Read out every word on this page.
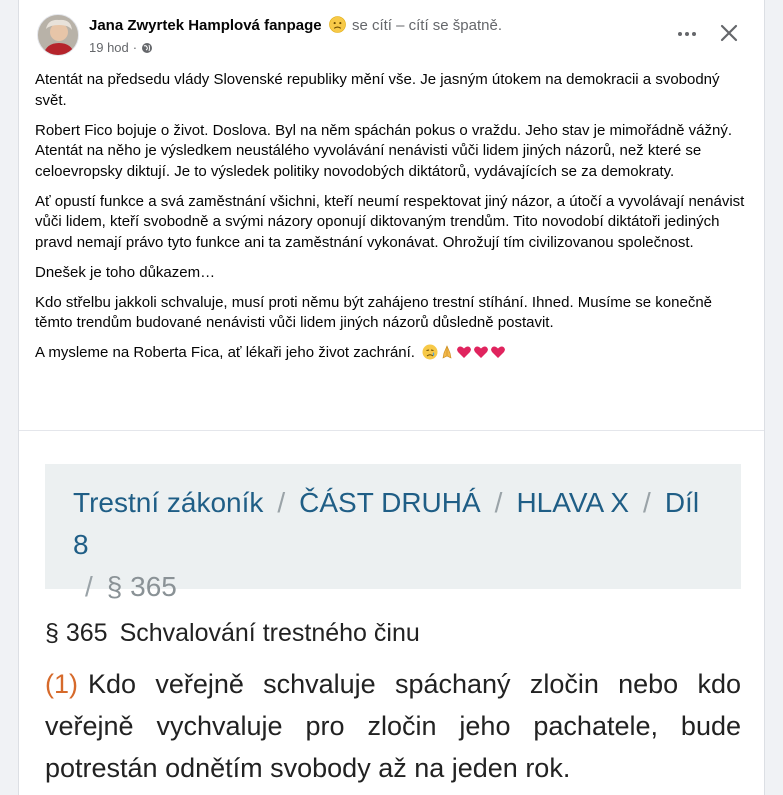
Jana Zwyrtek Hamplová fanpage se cítí – cítí se špatně.
19 hod ·

Atentát na předsedu vlády Slovenské republiky mění vše. Je jasným útokem na demokracii a svobodný svět.

Robert Fico bojuje o život. Doslova. Byl na něm spáchán pokus o vraždu. Jeho stav je mimořádně vážný. Atentát na něho je výsledkem neustálého vyvolávání nenávisti vůči lidem jiných názorů, než které se celoevropsky diktují. Je to výsledek politiky novodobých diktátorů, vydávajících se za demokraty.

Ať opustí funkce a svá zaměstnání všichni, kteří neumí respektovat jiný názor, a útočí a vyvolávají nenávist vůči lidem, kteří svobodně a svými názory oponují diktovaným trendům. Tito novodobí diktátoři jediných pravd nemají právo tyto funkce ani ta zaměstnání vykonávat. Ohrožují tím civilizovanou společnost.

Dnešek je toho důkazem…

Kdo střelbu jakkoli schvaluje, musí proti němu být zahájeno trestní stíhání. Ihned. Musíme se konečně těmto trendům budované nenávisti vůči lidem jiných názorů důsledně postavit.

A mysleme na Roberta Fica, ať lékaři jeho život zachrání.

Trestní zákoník / ČÁST DRUHÁ / HLAVA X / Díl 8
/ § 365
§ 365 Schvalování trestného činu
(1) Kdo veřejně schvaluje spáchaný zločin nebo kdo veřejně vychvaluje pro zločin jeho pachatele, bude potrestán odnětím svobody až na jeden rok.
